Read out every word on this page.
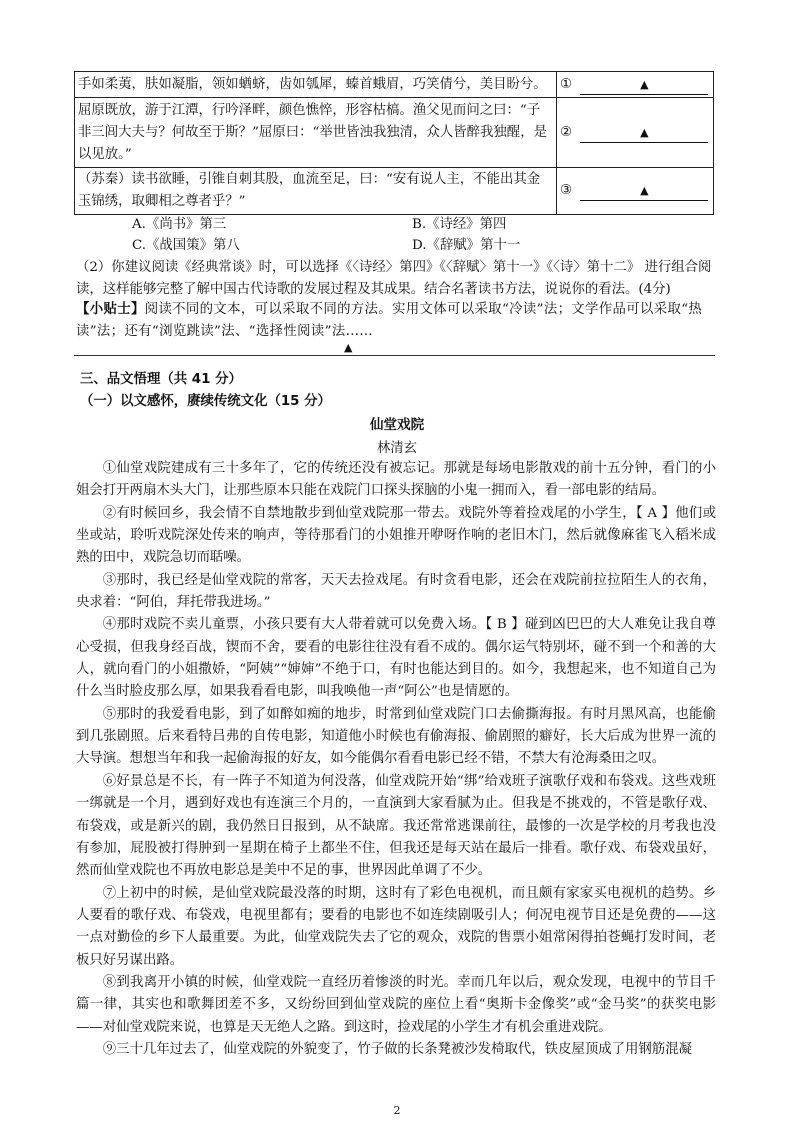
手如柔荑，肤如凝脂，领如蝤蛴，齿如瓠犀，螓首蛾眉，巧笑倩兮，美目盼兮。	① ▲
屈原既放，游于江潭，行吟泽畔，颜色憔悴，形容枯槁。渔父见而问之曰：“子非三闾大夫与？何故至于斯？”屈原曰：“举世皆浊我独清，众人皆醉我独醒，是以见放。”	② ▲
（苏秦）读书欲睡，引锥自刺其股，血流至足，曰：“安有说人主，不能出其金玉锦绣，取卿相之尊者乎？”	③ ▲
A.《尚书》第三	B.《诗经》第四
C.《战国策》第八	D.《辞赋》第十一
（2）你建议阅读《经典常谈》时，可以选择《〈诗经〉第四》《〈辞赋〉第十一》《〈诗〉第十二》 进行组合阅读，这样能够完整了解中国古代诗歌的发展过程及其成果。结合名著读书方法，说说你的看法。(4分)
【小贴士】阅读不同的文本，可以采取不同的方法。实用文体可以采取“冷读”法；文学作品可以采取“热读”法；还有“浏览跳读”法、“选择性阅读”法……
▲
三、品文悟理（共 41 分）
（一）以文感怀，赓续传统文化（15 分）
仙堂戏院
林清玄

①仙堂戏院建成有三十多年了，它的传统还没有被忘记。那就是每场电影散戏的前十五分钟，看门的小姐会打开两扇木头大门，让那些原本只能在戏院门口探头探脑的小鬼一拥而入，看一部电影的结局。

②有时候回乡，我会情不自禁地散步到仙堂戏院那一带去。戏院外等着捡戏尾的小学生，【 A 】他们或坐或站，聆听戏院深处传来的响声，等待那看门的小姐推开咿呀作响的老旧木门，然后就像麻雀飞入稻米成熟的田中，戏院急切而聒噪。

③那时，我已经是仙堂戏院的常客，天天去捡戏尾。有时贪看电影，还会在戏院前拉拉陌生人的衣角，央求着：“阿伯，拜托带我进场。”

④那时戏院不卖儿童票，小孩只要有大人带着就可以免费入场。【 B 】碰到凶巴巴的大人难免让我自尊心受损，但我身经百战，锲而不舍，要看的电影往往没有看不成的。偶尔运气特别坏，碰不到一个和善的大人，就向看门的小姐撒娇，“阿姨”“婶婶”不绝于口，有时也能达到目的。如今，我想起来，也不知道自己为什么当时脸皮那么厚，如果我看看电影，叫我唤他一声“阿公”也是情愿的。

⑤那时的我爱看电影，到了如醉如痴的地步，时常到仙堂戏院门口去偷撕海报。有时月黑风高，也能偷到几张剧照。后来看特吕弗的自传电影，知道他小时候也有偷海报、偷剧照的癖好，长大后成为世界一流的大导演。想想当年和我一起偷海报的好友，如今能偶尔看看电影已经不错，不禁大有沧海桑田之叹。

⑥好景总是不长，有一阵子不知道为何没落，仙堂戏院开始“绑”给戏班子演歌仔戏和布袋戏。这些戏班一绑就是一个月，遇到好戏也有连演三个月的，一直演到大家看腻为止。但我是不挑戏的，不管是歌仔戏、布袋戏，或是新兴的剧，我仍然日日报到，从不缺席。我还常常逃课前往，最惨的一次是学校的月考我也没有参加，屁股被打得肿到一星期在椅子上都坐不住，但我还是每天站在最后一排看。歌仔戏、布袋戏虽好，然而仙堂戏院也不再放电影总是美中不足的事，世界因此单调了不少。

⑦上初中的时候，是仙堂戏院最没落的时期，这时有了彩色电视机，而且颇有家家买电视机的趋势。乡人要看的歌仔戏、布袋戏，电视里都有；要看的电影也不如连续剧吸引人；何况电视节目还是免费的——这一点对勤俭的乡下人最重要。为此，仙堂戏院失去了它的观众，戏院的售票小姐常闲得拍苍蝇打发时间，老板只好另谋出路。

⑧到我离开小镇的时候，仙堂戏院一直经历着惨淡的时光。幸而几年以后，观众发现，电视中的节目千篇一律，其实也和歌舞团差不多，又纷纷回到仙堂戏院的座位上看“奥斯卡金像奖”或“金马奖”的获奖电影——对仙堂戏院来说，也算是天无绝人之路。到这时，捡戏尾的小学生才有机会重进戏院。

⑨三十几年过去了，仙堂戏院的外貌变了，竹子做的长条凳被沙发椅取代，铁皮屋顶成了用钢筋混凝

2
